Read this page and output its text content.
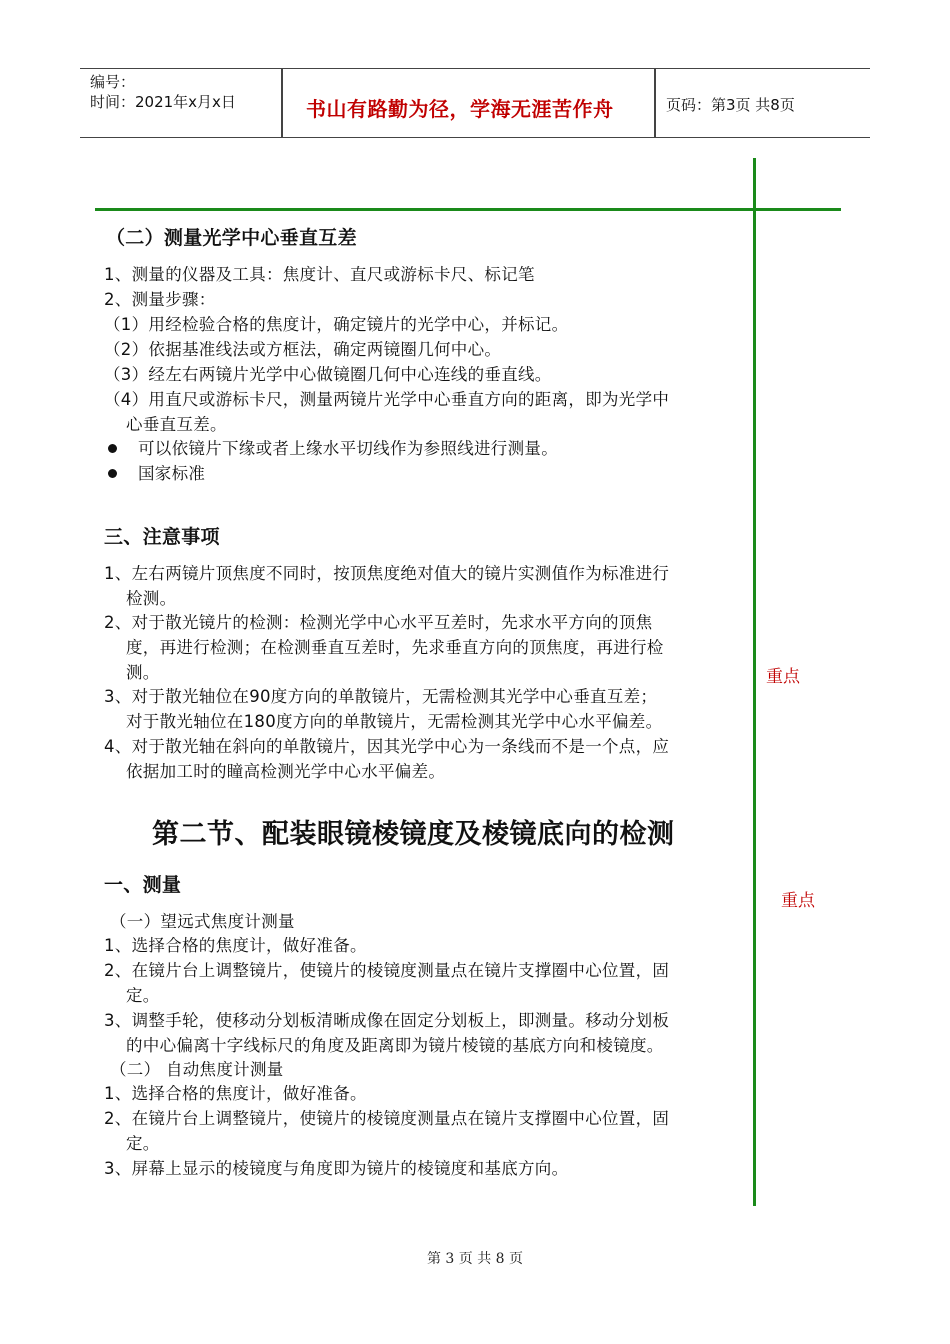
编号：
时间：2021年x月x日	书山有路勤为径，学海无涯苦作舟	页码：第3页 共8页
（二）测量光学中心垂直互差
1、测量的仪器及工具：焦度计、直尺或游标卡尺、标记笔
2、测量步骤：
（1）用经检验合格的焦度计，确定镜片的光学中心，并标记。
（2）依据基准线法或方框法，确定两镜圈几何中心。
（3）经左右两镜片光学中心做镜圈几何中心连线的垂直线。
（4）用直尺或游标卡尺，测量两镜片光学中心垂直方向的距离，即为光学中
心垂直互差。
可以依镜片下缘或者上缘水平切线作为参照线进行测量。
国家标准
三、注意事项
1、左右两镜片顶焦度不同时，按顶焦度绝对值大的镜片实测值作为标准进行
检测。
2、对于散光镜片的检测：检测光学中心水平互差时，先求水平方向的顶焦
度，再进行检测；在检测垂直互差时，先求垂直方向的顶焦度，再进行检
测。
3、对于散光轴位在90度方向的单散镜片，无需检测其光学中心垂直互差；
对于散光轴位在180度方向的单散镜片，无需检测其光学中心水平偏差。
4、对于散光轴在斜向的单散镜片，因其光学中心为一条线而不是一个点，应
依据加工时的瞳高检测光学中心水平偏差。
第二节、配装眼镜棱镜度及棱镜底向的检测
一、测量
（一）望远式焦度计测量
1、选择合格的焦度计，做好准备。
2、在镜片台上调整镜片，使镜片的棱镜度测量点在镜片支撑圈中心位置，固
定。
3、调整手轮，使移动分划板清晰成像在固定分划板上，即测量。移动分划板
的中心偏离十字线标尺的角度及距离即为镜片棱镜的基底方向和棱镜度。
（二） 自动焦度计测量
1、选择合格的焦度计，做好准备。
2、在镜片台上调整镜片，使镜片的棱镜度测量点在镜片支撑圈中心位置，固
定。
3、屏幕上显示的棱镜度与角度即为镜片的棱镜度和基底方向。
重点
重点
第 3 页 共 8 页
